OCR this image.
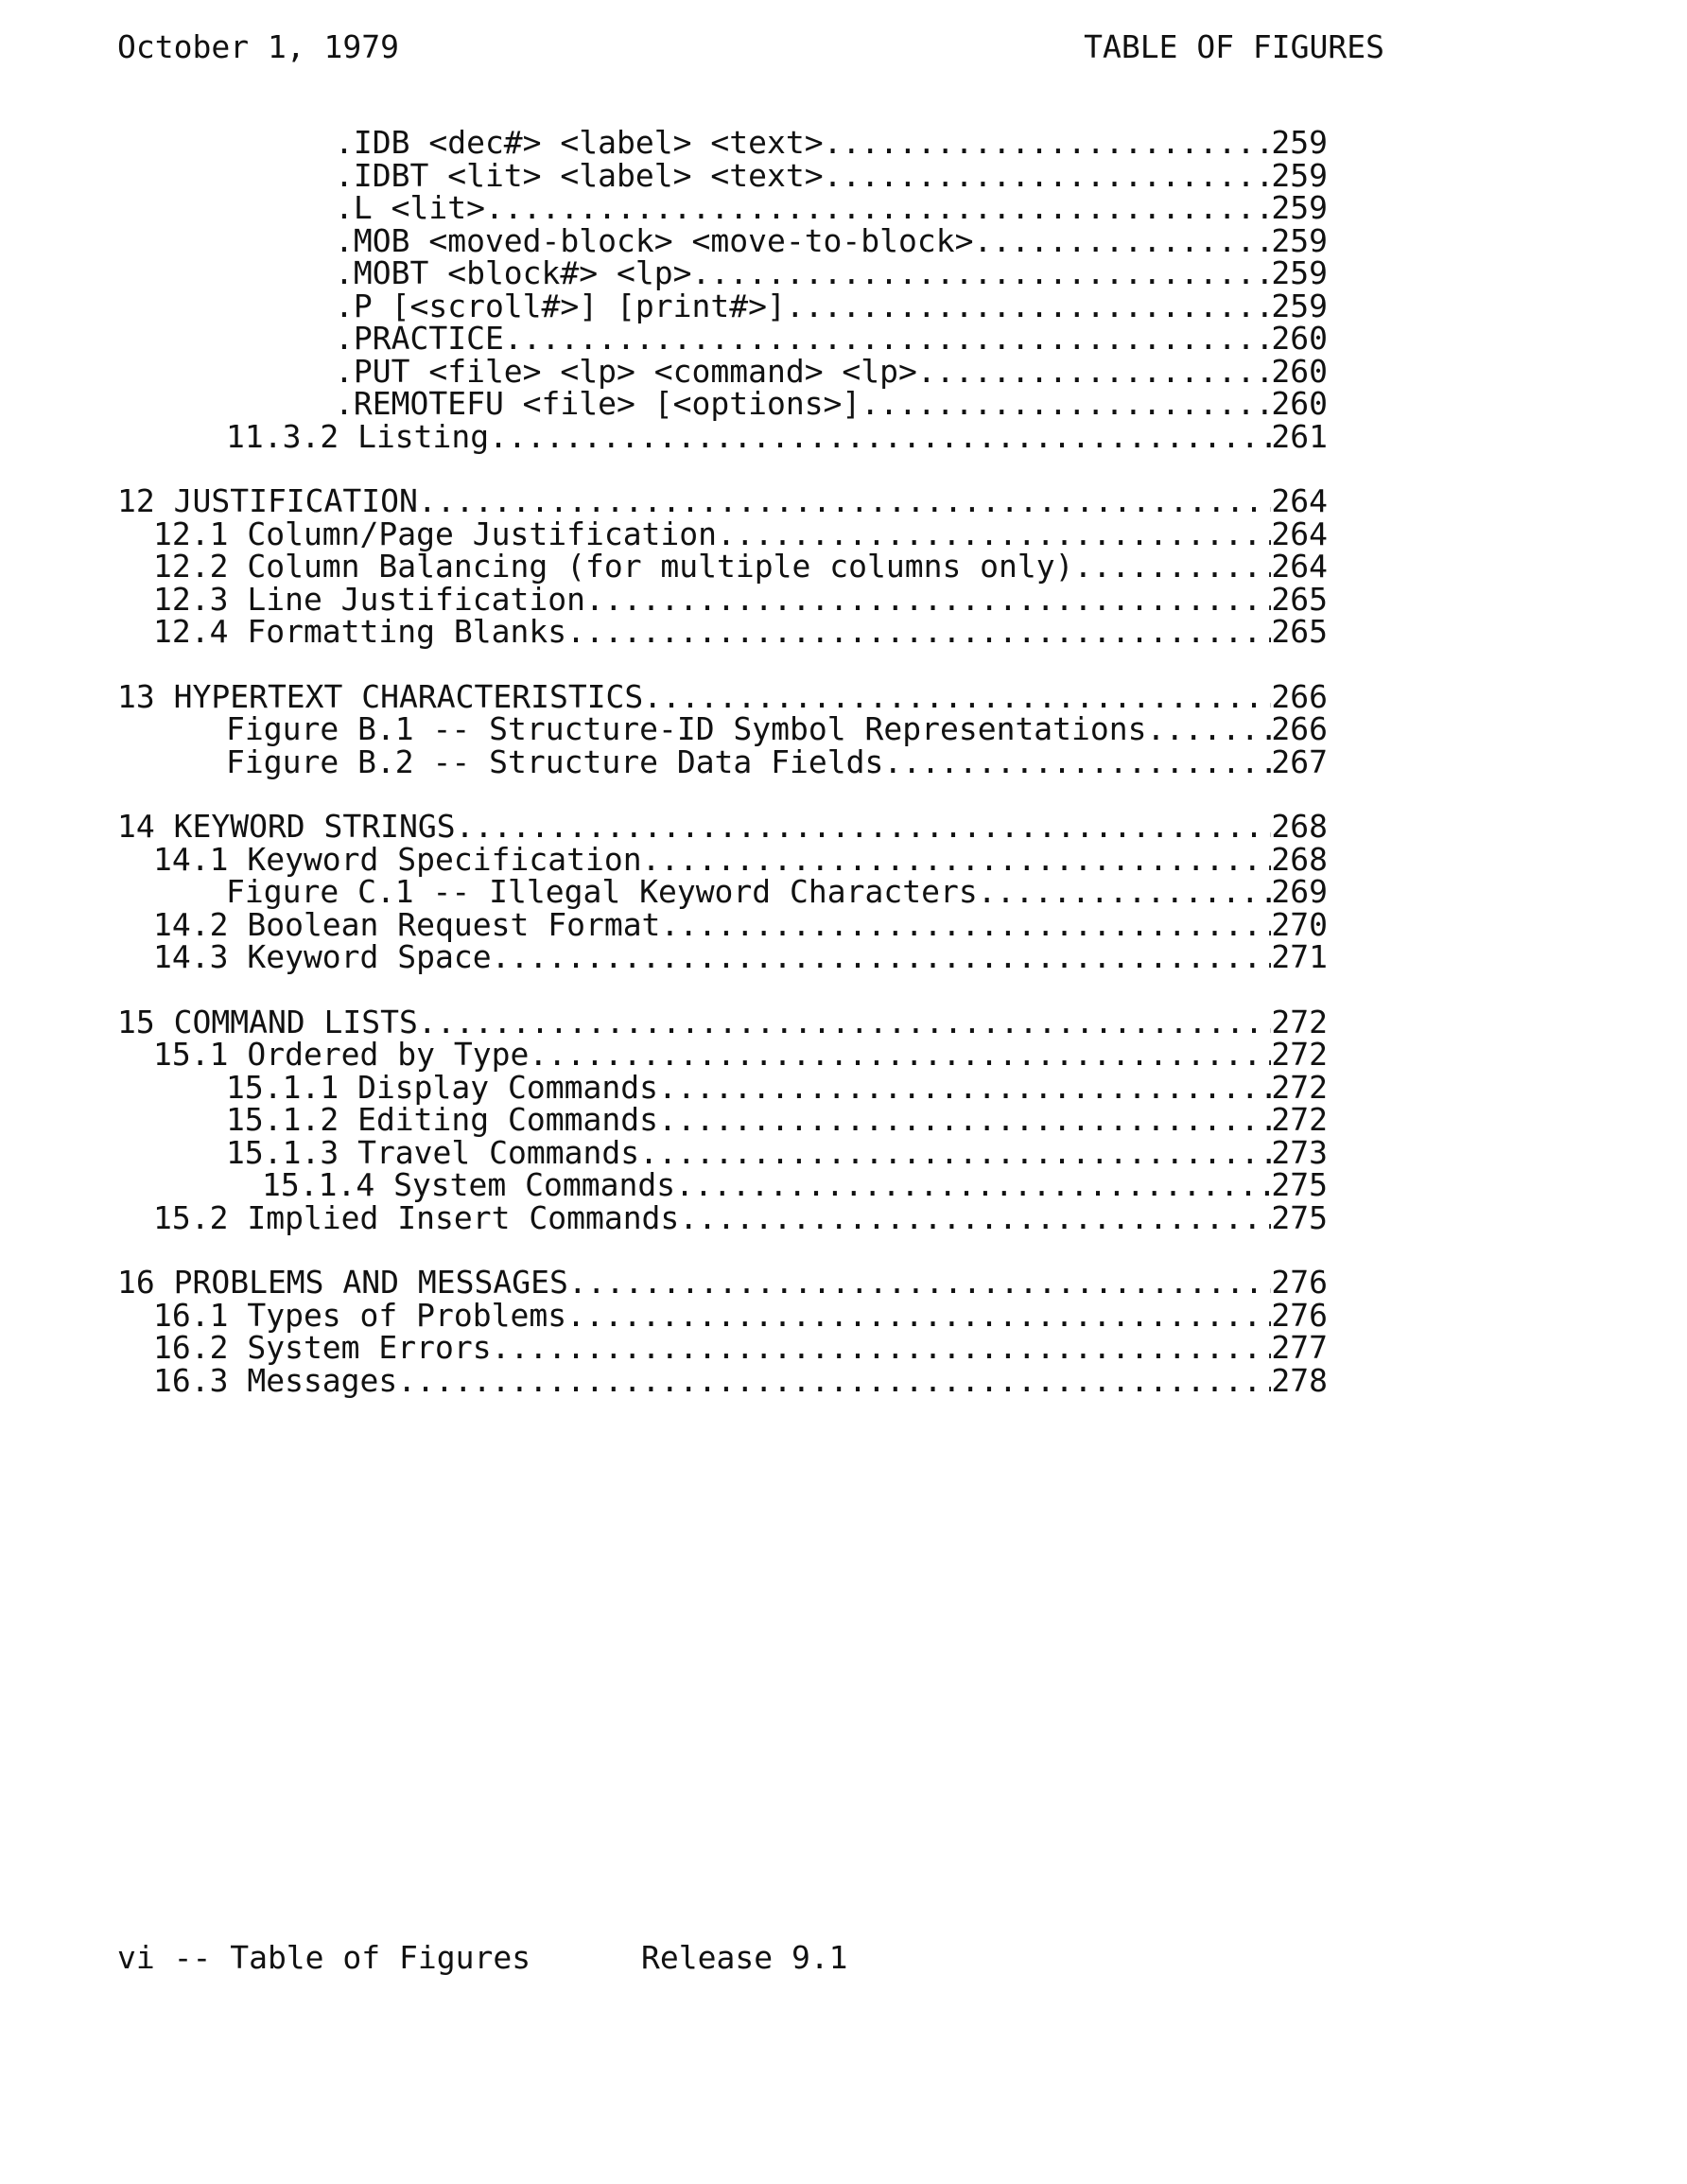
October 1, 1979	TABLE OF FIGURES
.IDB <dec#> <label> <text> .....	259
.IDBT <lit> <label> <text> .....	259
.L <lit> .....	259
.MOB <moved-block> <move-to-block> .....	259
.MOBT <block#> <lp> .....	259
.P [<scroll#>] [print#>] .....	259
.PRACTICE .....	260
.PUT <file> <lp> <command> <lp> .....	260
.REMOTEFU <file> [<options>] .....	260
11.3.2 Listing .....	261
12 JUSTIFICATION .....	264
12.1 Column/Page Justification .....	264
12.2 Column Balancing (for multiple columns only) .....	264
12.3 Line Justification .....	265
12.4 Formatting Blanks .....	265
13 HYPERTEXT CHARACTERISTICS .....	266
Figure B.1 -- Structure-ID Symbol Representations .....	266
Figure B.2 -- Structure Data Fields .....	267
14 KEYWORD STRINGS .....	268
14.1 Keyword Specification .....	268
Figure C.1 -- Illegal Keyword Characters .....	269
14.2 Boolean Request Format .....	270
14.3 Keyword Space .....	271
15 COMMAND LISTS .....	272
15.1 Ordered by Type .....	272
15.1.1 Display Commands .....	272
15.1.2 Editing Commands .....	272
15.1.3 Travel Commands .....	273
15.1.4 System Commands .....	275
15.2 Implied Insert Commands .....	275
16 PROBLEMS AND MESSAGES .....	276
16.1 Types of Problems .....	276
16.2 System Errors .....	277
16.3 Messages .....	278

vi -- Table of Figures

	Release 9.1
